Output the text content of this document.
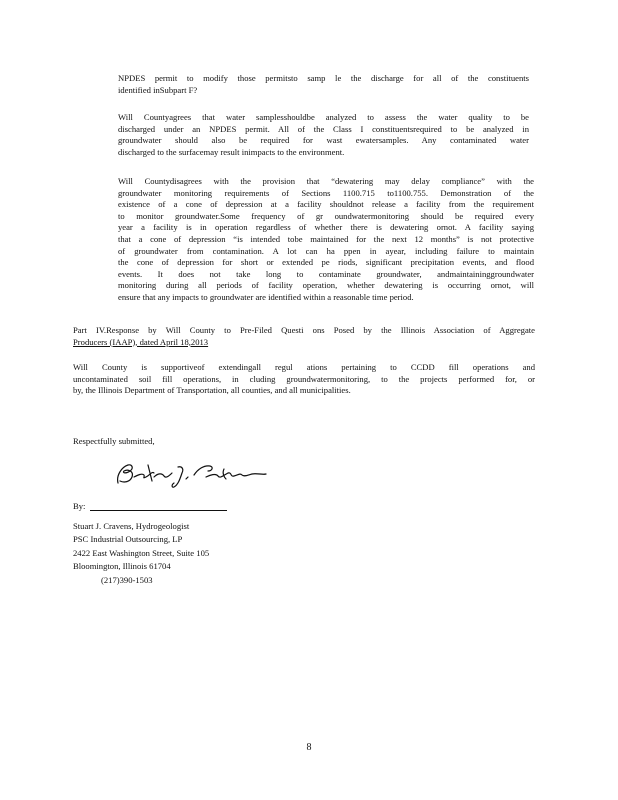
NPDES permit to modify those permitsto samp le the discharge for all of the constituents
identified inSubpart F?
Will Countyagrees that water samplesshouldbe analyzed to assess the water quality to be
discharged under an NPDES permit. All of the Class I constituentsrequired to be analyzed in
groundwater should also be required for wast ewatersamples. Any contaminated water
discharged to the surfacemay result inimpacts to the environment.
Will Countydisagrees with the provision that “dewatering may delay compliance” with the
groundwater monitoring requirements of Sections 1100.715 to1100.755. Demonstration of the
existence of a cone of depression at a facility shouldnot release a facility from the requirement
to monitor groundwater.Some frequency of gr oundwatermonitoring should be required every
year a facility is in operation regardless of whether there is dewatering ornot. A facility saying
that a cone of depression “is intended tobe maintained for the next 12 months” is not protective
of groundwater from contamination. A lot can ha ppen in ayear, including failure to maintain
the cone of depression for short or extended pe riods, significant precipitation events, and flood
events. It does not take long to contaminate groundwater, andmaintaininggroundwater
monitoring during all periods of facility operation, whether dewatering is occurring ornot, will
ensure that any impacts to groundwater are identified within a reasonable time period.
Part IV.Response by Will County to Pre-Filed Questi ons Posed by the Illinois Association of Aggregate
Producers (IAAP), dated April 18,2013
Will County is supportiveof extendingall regul ations pertaining to CCDD fill operations and
uncontaminated soil fill operations, in cluding groundwatermonitoring, to the projects performed for, or
by, the Illinois Department of Transportation, all counties, and all municipalities.
Respectfully submitted,
By:
Stuart J. Cravens, Hydrogeologist
PSC Industrial Outsourcing, LP
2422 East Washington Street, Suite 105
Bloomington, Illinois 61704
(217)390-1503
8
